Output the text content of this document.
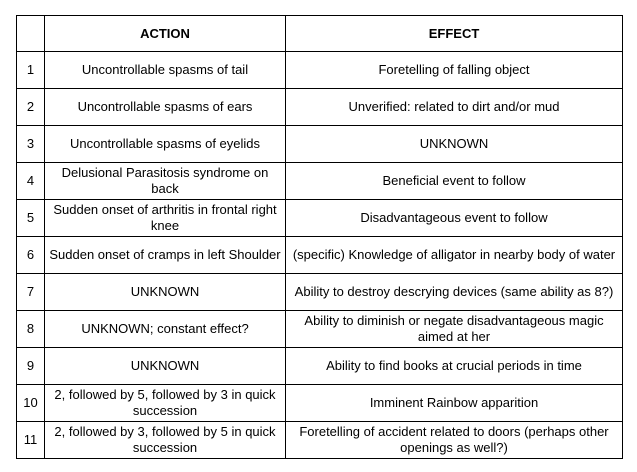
	ACTION	EFFECT
1	Uncontrollable spasms of tail	Foretelling of falling object
2	Uncontrollable spasms of ears	Unverified: related to dirt and/or mud
3	Uncontrollable spasms of eyelids	UNKNOWN
4	Delusional Parasitosis syndrome on back	Beneficial event to follow
5	Sudden onset of arthritis in frontal right knee	Disadvantageous event to follow
6	Sudden onset of cramps in left Shoulder	(specific) Knowledge of alligator in nearby body of water
7	UNKNOWN	Ability to destroy descrying devices (same ability as 8?)
8	UNKNOWN; constant effect?	Ability to diminish or negate disadvantageous magic aimed at her
9	UNKNOWN	Ability to find books at crucial periods in time
10	2, followed by 5, followed by 3 in quick succession	Imminent Rainbow apparition
11	2, followed by 3, followed by 5 in quick succession	Foretelling of accident related to doors (perhaps other openings as well?)
